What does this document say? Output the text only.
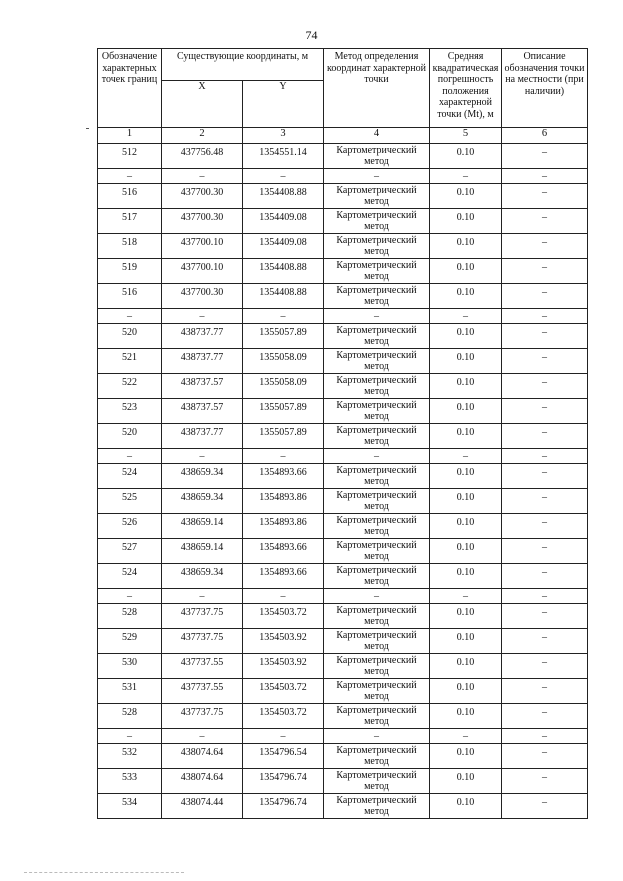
74
Обозначение характерных точек границ	Существующие координаты, м		Метод определения координат характерной точки	Средняя квадратическая погрешность положения характерной точки (Mt), м	Описание обозначения точки на местности (при наличии)
	X	Y			
1	2	3	4	5	6

512	437756.48	1354551.14	Картометрический метод	0.10	–

–	–	–	–	–	–

516	437700.30	1354408.88	Картометрический метод	0.10	–

517	437700.30	1354409.08	Картометрический метод	0.10	–

518	437700.10	1354409.08	Картометрический метод	0.10	–

519	437700.10	1354408.88	Картометрический метод	0.10	–

516	437700.30	1354408.88	Картометрический метод	0.10	–

–	–	–	–	–	–

520	438737.77	1355057.89	Картометрический метод	0.10	–

521	438737.77	1355058.09	Картометрический метод	0.10	–

522	438737.57	1355058.09	Картометрический метод	0.10	–

523	438737.57	1355057.89	Картометрический метод	0.10	–

520	438737.77	1355057.89	Картометрический метод	0.10	–

–	–	–	–	–	–

524	438659.34	1354893.66	Картометрический метод	0.10	–

525	438659.34	1354893.86	Картометрический метод	0.10	–

526	438659.14	1354893.86	Картометрический метод	0.10	–

527	438659.14	1354893.66	Картометрический метод	0.10	–

524	438659.34	1354893.66	Картометрический метод	0.10	–

–	–	–	–	–	–

528	437737.75	1354503.72	Картометрический метод	0.10	–

529	437737.75	1354503.92	Картометрический метод	0.10	–

530	437737.55	1354503.92	Картометрический метод	0.10	–

531	437737.55	1354503.72	Картометрический метод	0.10	–

528	437737.75	1354503.72	Картометрический метод	0.10	–

–	–	–	–	–	–

532	438074.64	1354796.54	Картометрический метод	0.10	–

533	438074.64	1354796.74	Картометрический метод	0.10	–

534	438074.44	1354796.74	Картометрический метод	0.10	–
